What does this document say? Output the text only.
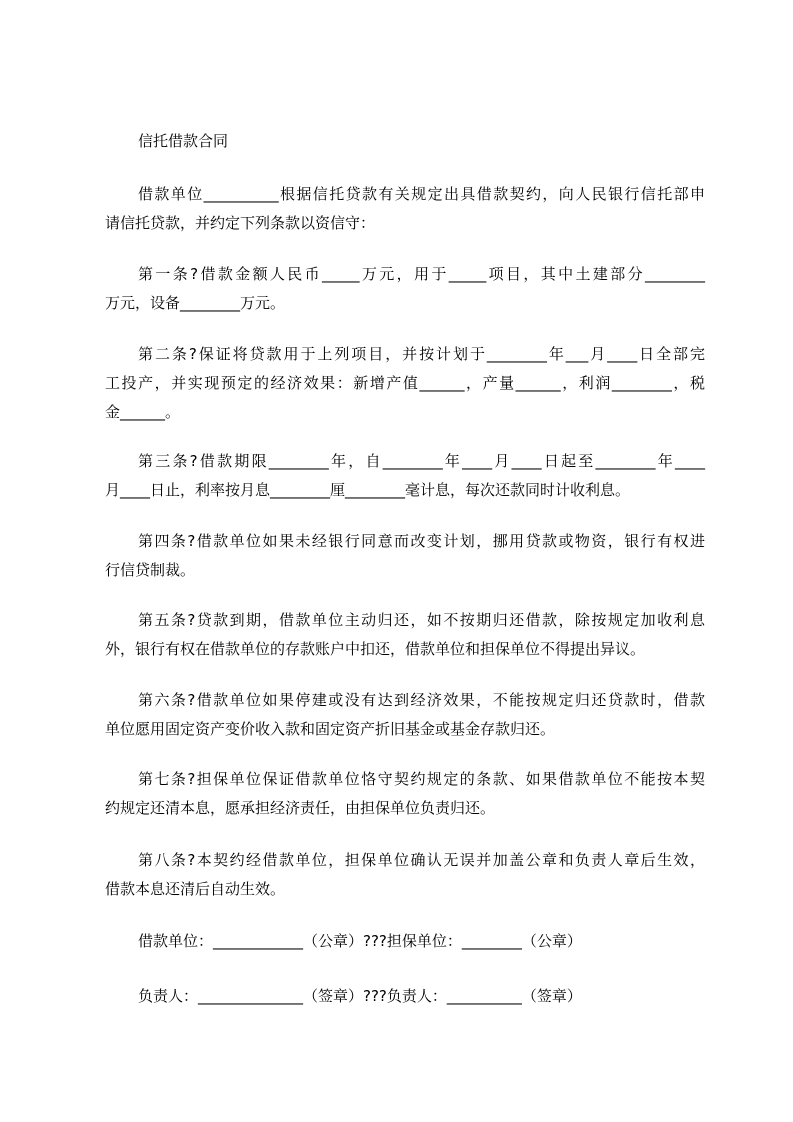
信托借款合同
借款单位__________根据信托贷款有关规定出具借款契约，向人民银行信托部申
请信托贷款，并约定下列条款以资信守：
第一条?借款金额人民币_____万元，用于_____项目，其中土建部分________
万元，设备________万元。
第二条?保证将贷款用于上列项目，并按计划于________年___月____日全部完
工投产，并实现预定的经济效果：新增产值______，产量______，利润________，税
金______。
第三条?借款期限________年，自________年____月____日起至________年____
月____日止，利率按月息________厘________毫计息，每次还款同时计收利息。
第四条?借款单位如果未经银行同意而改变计划，挪用贷款或物资，银行有权进
行信贷制裁。
第五条?贷款到期，借款单位主动归还，如不按期归还借款，除按规定加收利息
外，银行有权在借款单位的存款账户中扣还，借款单位和担保单位不得提出异议。
第六条?借款单位如果停建或没有达到经济效果，不能按规定归还贷款时，借款
单位愿用固定资产变价收入款和固定资产折旧基金或基金存款归还。
第七条?担保单位保证借款单位恪守契约规定的条款、如果借款单位不能按本契
约规定还清本息，愿承担经济责任，由担保单位负责归还。
第八条?本契约经借款单位，担保单位确认无误并加盖公章和负责人章后生效，
借款本息还清后自动生效。
借款单位：____________（公章）???担保单位：________（公章）
负责人：______________（签章）???负责人：__________（签章）
